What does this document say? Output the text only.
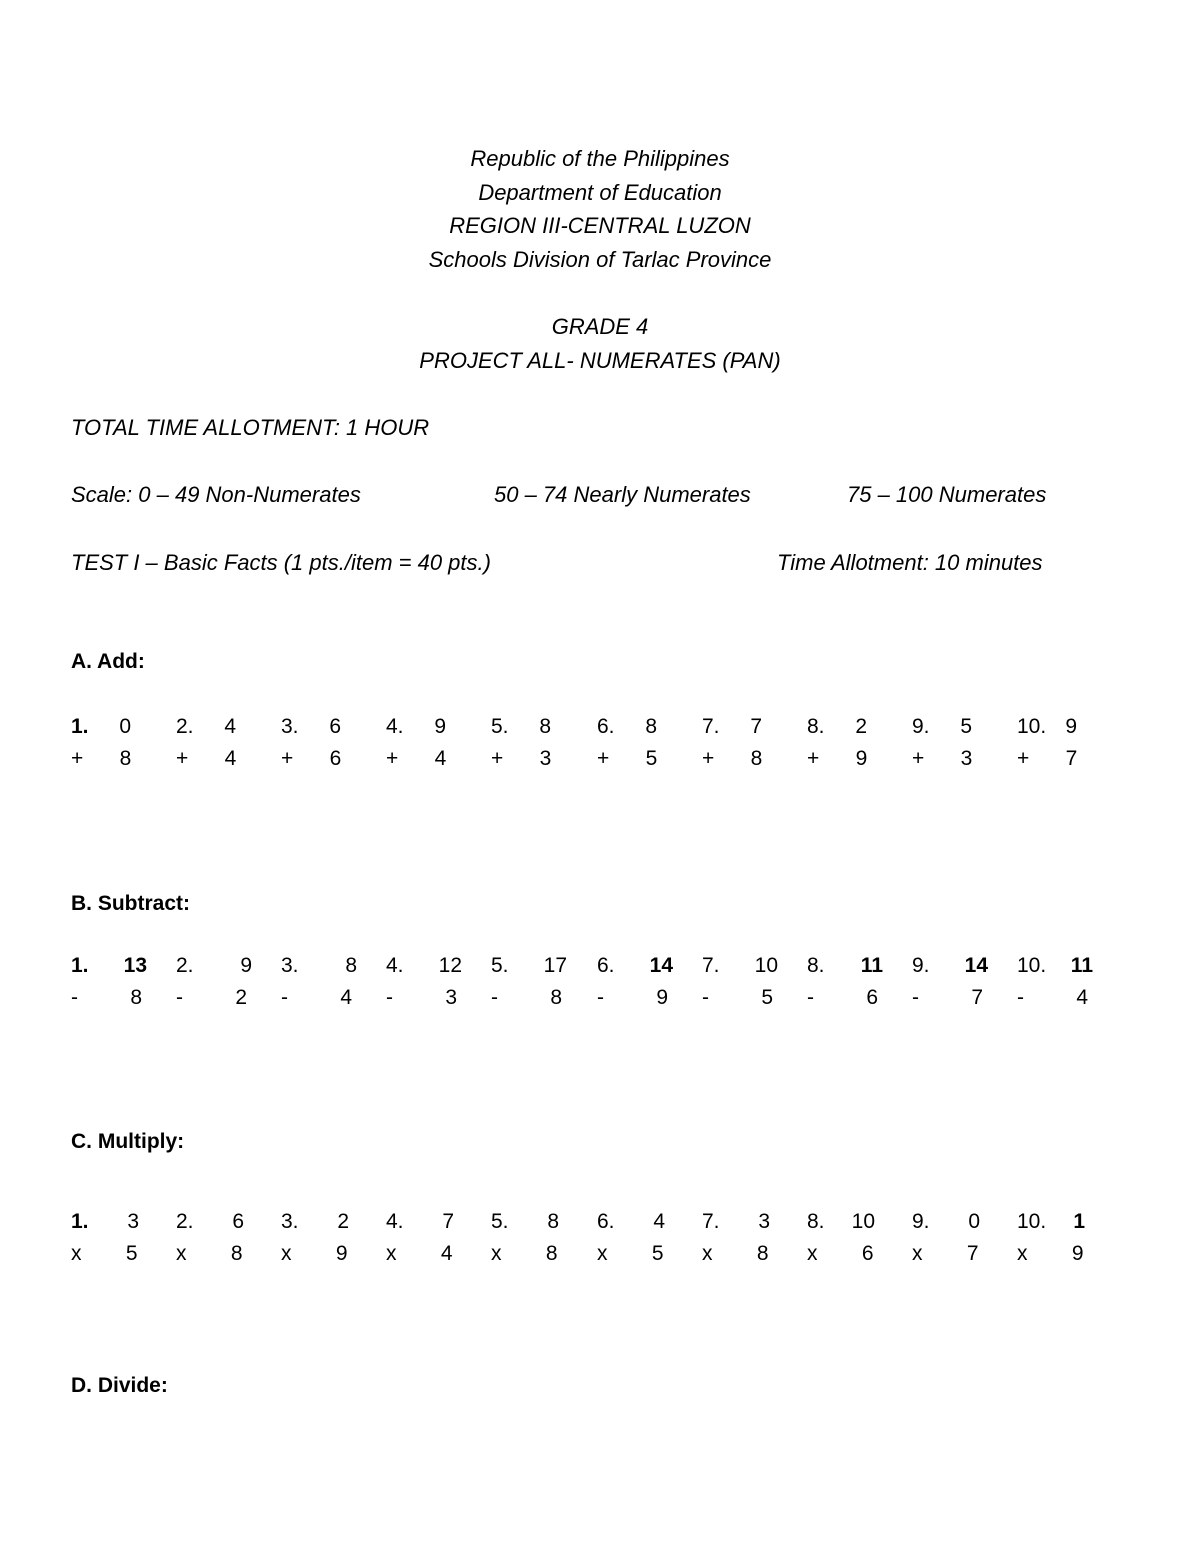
Republic of the Philippines
Department of Education
REGION III-CENTRAL LUZON
Schools Division of Tarlac Province
GRADE 4
PROJECT ALL- NUMERATES (PAN)
TOTAL TIME ALLOTMENT: 1 HOUR
Scale: 0 – 49 Non-Numerates	50 – 74 Nearly Numerates	75 – 100 Numerates
TEST I – Basic Facts (1 pts./item = 40 pts.)	Time Allotment: 10 minutes
A. Add:
1. 0
+ 8
2. 4
+ 4
3. 6
+ 6
4. 9
+ 4
5. 8
+ 3
6. 8
+ 5
7. 7
+ 8
8. 2
+ 9
9. 5
+ 3
10. 9
+ 7
B. Subtract:
1. 13
- 8
2. 9
- 2
3. 8
- 4
4. 12
- 3
5. 17
- 8
6. 14
- 9
7. 10
- 5
8. 11
- 6
9. 14
- 7
10. 11
- 4
C. Multiply:
1. 3
x 5
2. 6
x 8
3. 2
x 9
4. 7
x 4
5. 8
x 8
6. 4
x 5
7. 3
x 8
8. 10
x 6
9. 0
x 7
10. 1
x 9
D. Divide:
